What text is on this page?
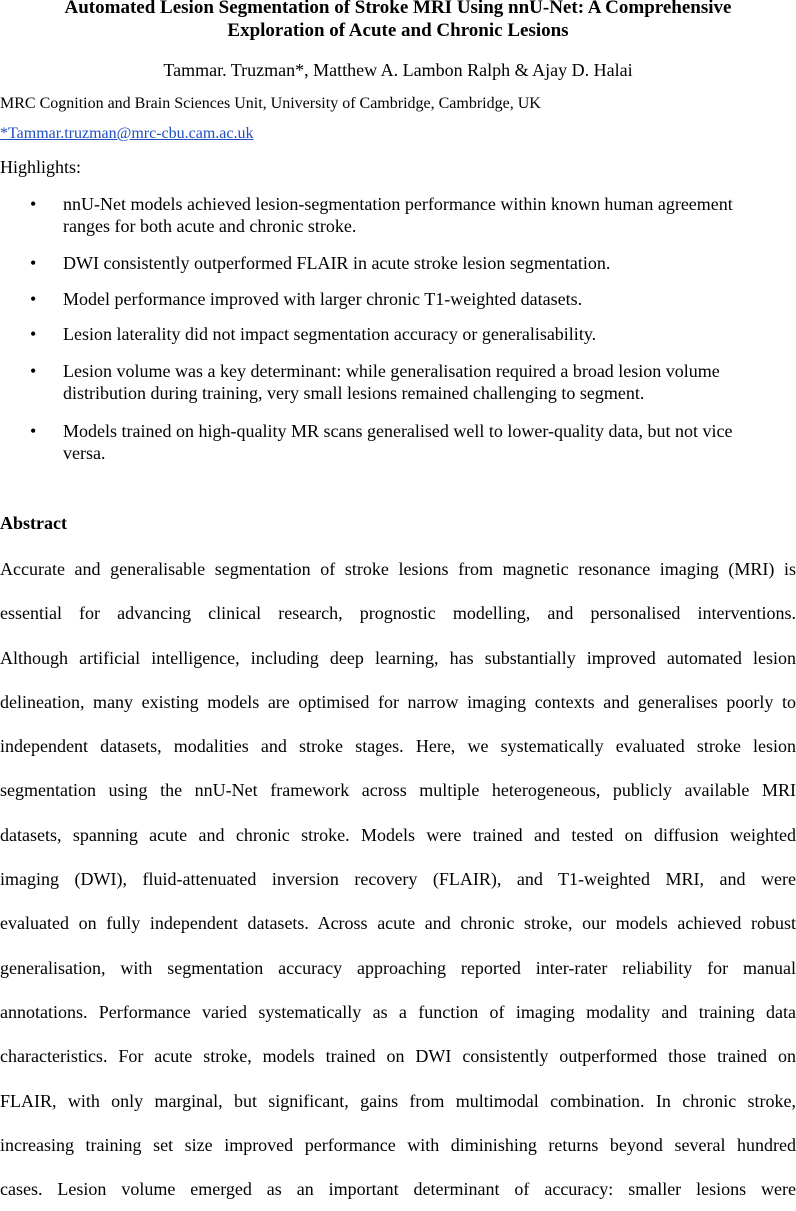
Automated Lesion Segmentation of Stroke MRI Using nnU-Net: A Comprehensive
Exploration of Acute and Chronic Lesions
Tammar. Truzman*, Matthew A. Lambon Ralph & Ajay D. Halai
MRC Cognition and Brain Sciences Unit, University of Cambridge, Cambridge, UK
*Tammar.truzman@mrc-cbu.cam.ac.uk
Highlights:
• nnU-Net models achieved lesion-segmentation performance within known human agreement
ranges for both acute and chronic stroke.
• DWI consistently outperformed FLAIR in acute stroke lesion segmentation.
• Model performance improved with larger chronic T1-weighted datasets.
• Lesion laterality did not impact segmentation accuracy or generalisability.
• Lesion volume was a key determinant: while generalisation required a broad lesion volume
distribution during training, very small lesions remained challenging to segment.
• Models trained on high-quality MR scans generalised well to lower-quality data, but not vice
versa.
Abstract
Accurate and generalisable segmentation of stroke lesions from magnetic resonance imaging (MRI) is
essential for advancing clinical research, prognostic modelling, and personalised interventions.
Although artificial intelligence, including deep learning, has substantially improved automated lesion
delineation, many existing models are optimised for narrow imaging contexts and generalises poorly to
independent datasets, modalities and stroke stages. Here, we systematically evaluated stroke lesion
segmentation using the nnU-Net framework across multiple heterogeneous, publicly available MRI
datasets, spanning acute and chronic stroke. Models were trained and tested on diffusion weighted
imaging (DWI), fluid-attenuated inversion recovery (FLAIR), and T1-weighted MRI, and were
evaluated on fully independent datasets. Across acute and chronic stroke, our models achieved robust
generalisation, with segmentation accuracy approaching reported inter-rater reliability for manual
annotations. Performance varied systematically as a function of imaging modality and training data
characteristics. For acute stroke, models trained on DWI consistently outperformed those trained on
FLAIR, with only marginal, but significant, gains from multimodal combination. In chronic stroke,
increasing training set size improved performance with diminishing returns beyond several hundred
cases. Lesion volume emerged as an important determinant of accuracy: smaller lesions were
